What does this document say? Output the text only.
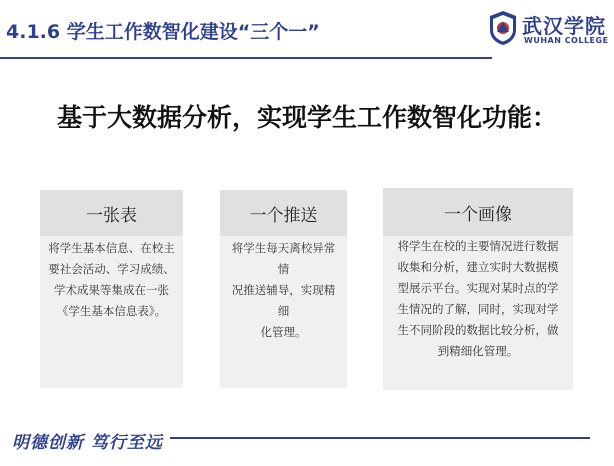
4.1.6 学生工作数智化建设“三个一”	武汉学院
WUHAN COLLEGE
基于大数据分析，实现学生工作数智化功能：
一张表
将学生基本信息、在校主
要社会活动、学习成绩、
学术成果等集成在一张
《学生基本信息表》。
一个推送
将学生每天离校异常情
况推送辅导，实现精细
化管理。
一个画像
将学生在校的主要情况进行数据
收集和分析，建立实时大数据模
型展示平台。实现对某时点的学
生情况的了解，同时，实现对学
生不同阶段的数据比较分析，做
到精细化管理。
明德创新 笃行至远
